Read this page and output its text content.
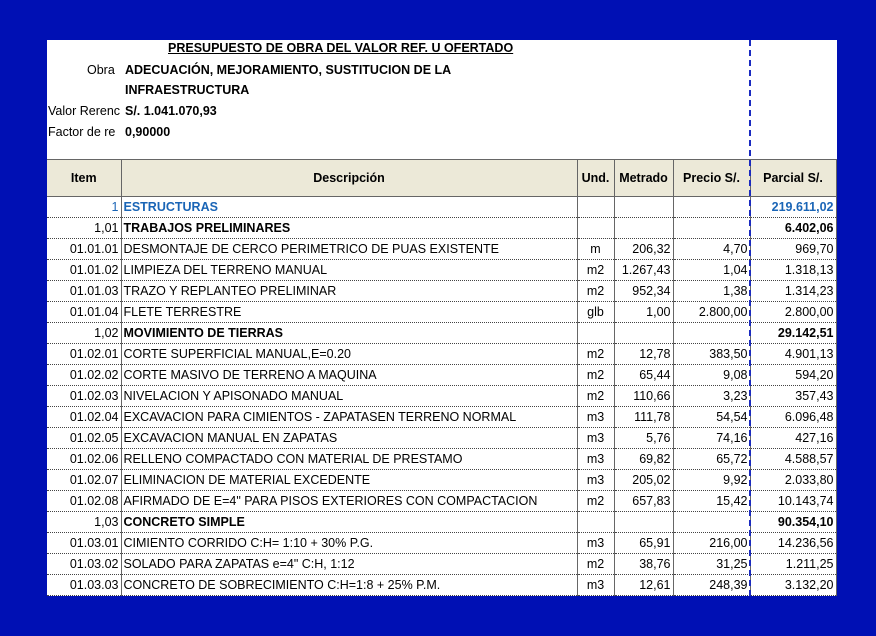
PRESUPUESTO DE OBRA DEL VALOR REF. U OFERTADO
Obra ADECUACIÓN, MEJORAMIENTO, SUSTITUCION DE LA
INFRAESTRUCTURA
Valor Rerenc S/. 1.041.070,93
Factor de re 0,90000
Item	Descripción	Und.	Metrado	Precio S/.	Parcial S/.
1	ESTRUCTURAS				219.611,02
1,01	TRABAJOS PRELIMINARES				6.402,06
01.01.01	DESMONTAJE DE CERCO PERIMETRICO DE PUAS EXISTENTE	m	206,32	4,70	969,70
01.01.02	LIMPIEZA DEL TERRENO MANUAL	m2	1.267,43	1,04	1.318,13
01.01.03	TRAZO Y REPLANTEO PRELIMINAR	m2	952,34	1,38	1.314,23
01.01.04	FLETE TERRESTRE	glb	1,00	2.800,00	2.800,00
1,02	MOVIMIENTO DE TIERRAS				29.142,51
01.02.01	CORTE SUPERFICIAL MANUAL,E=0.20	m2	12,78	383,50	4.901,13
01.02.02	CORTE MASIVO DE TERRENO A MAQUINA	m2	65,44	9,08	594,20
01.02.03	NIVELACION Y APISONADO MANUAL	m2	110,66	3,23	357,43
01.02.04	EXCAVACION PARA CIMIENTOS - ZAPATASEN TERRENO NORMAL	m3	111,78	54,54	6.096,48
01.02.05	EXCAVACION MANUAL EN ZAPATAS	m3	5,76	74,16	427,16
01.02.06	RELLENO COMPACTADO CON MATERIAL DE PRESTAMO	m3	69,82	65,72	4.588,57
01.02.07	ELIMINACION DE MATERIAL EXCEDENTE	m3	205,02	9,92	2.033,80
01.02.08	AFIRMADO DE E=4" PARA PISOS EXTERIORES CON COMPACTACION	m2	657,83	15,42	10.143,74
1,03	CONCRETO SIMPLE				90.354,10
01.03.01	CIMIENTO CORRIDO C:H= 1:10 + 30% P.G.	m3	65,91	216,00	14.236,56
01.03.02	SOLADO PARA ZAPATAS e=4" C:H, 1:12	m2	38,76	31,25	1.211,25
01.03.03	CONCRETO DE SOBRECIMIENTO C:H=1:8 + 25% P.M.	m3	12,61	248,39	3.132,20
